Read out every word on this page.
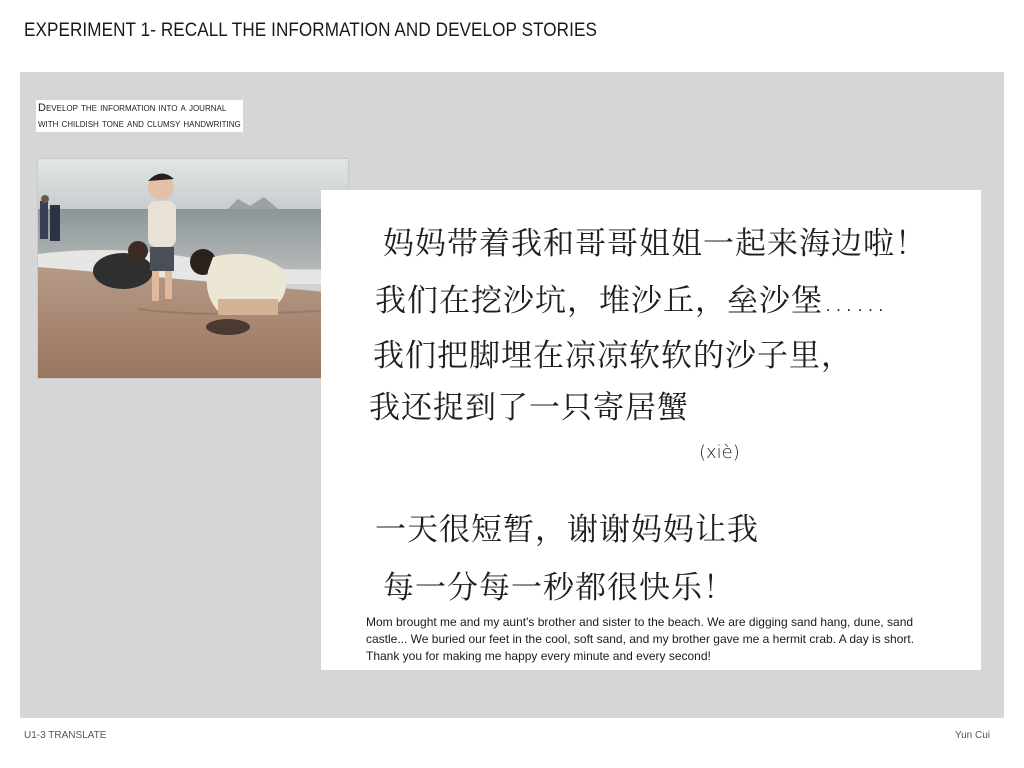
EXPERIMENT 1- RECALL THE INFORMATION AND DEVELOP STORIES
Develop the information into a journal
with childish tone and clumsy handwriting
妈妈带着我和哥哥姐姐一起来海边啦！
我们在挖沙坑，堆沙丘，垒沙堡……
我们把脚埋在凉凉软软的沙子里，
我还捉到了一只寄居蟹
(xiè)
一天很短暂，谢谢妈妈让我
每一分每一秒都很快乐！
Mom brought me and my aunt's brother and sister to the beach. We are digging sand hang, dune, sand castle... We buried our feet in the cool, soft sand, and my brother gave me a hermit crab. A day is short. Thank you for making me happy every minute and every second!
U1-3 TRANSLATE	Yun Cui
